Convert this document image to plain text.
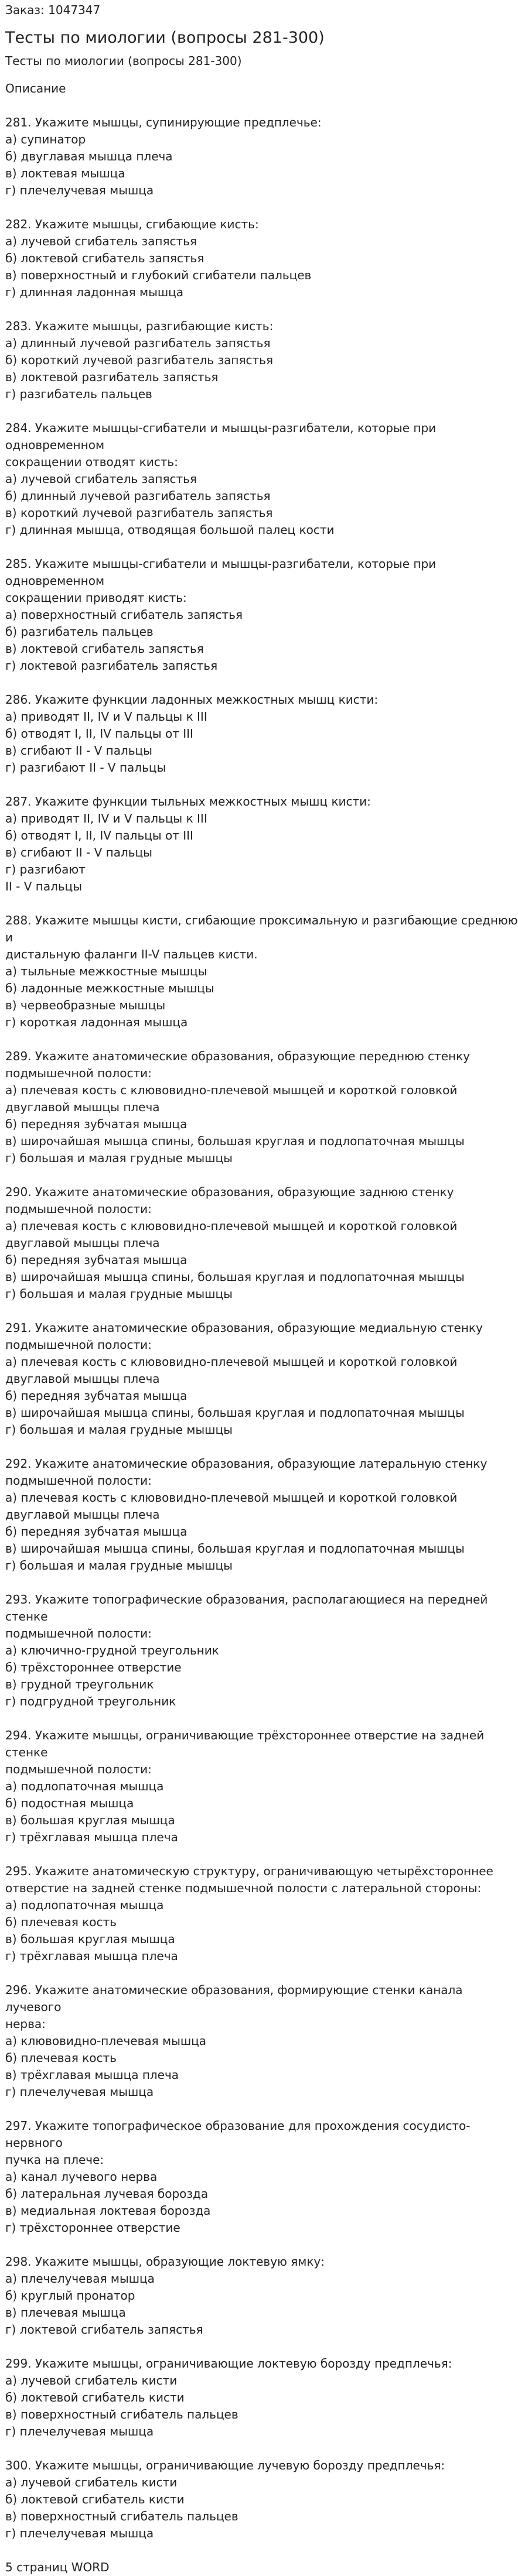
Заказ: 1047347
Тесты по миологии (вопросы 281-300)
Тесты по миологии (вопросы 281-300)
Описание
281. Укажите мышцы, супинирующие предплечье:
а) супинатор
б) двуглавая мышца плеча
в) локтевая мышца
г) плечелучевая мышца
282. Укажите мышцы, сгибающие кисть:
а) лучевой сгибатель запястья
б) локтевой сгибатель запястья
в) поверхностный и глубокий сгибатели пальцев
г) длинная ладонная мышца
283. Укажите мышцы, разгибающие кисть:
а) длинный лучевой разгибатель запястья
б) короткий лучевой разгибатель запястья
в) локтевой разгибатель запястья
г) разгибатель пальцев
284. Укажите мышцы-сгибатели и мышцы-разгибатели, которые при
одновременном
сокращении отводят кисть:
а) лучевой сгибатель запястья
б) длинный лучевой разгибатель запястья
в) короткий лучевой разгибатель запястья
г) длинная мышца, отводящая большой палец кости
285. Укажите мышцы-сгибатели и мышцы-разгибатели, которые при
одновременном
сокращении приводят кисть:
а) поверхностный сгибатель запястья
б) разгибатель пальцев
в) локтевой сгибатель запястья
г) локтевой разгибатель запястья
286. Укажите функции ладонных межкостных мышц кисти:
а) приводят II, IV и V пальцы к III
б) отводят I, II, IV пальцы от III
в) сгибают II - V пальцы
г) разгибают II - V пальцы
287. Укажите функции тыльных межкостных мышц кисти:
а) приводят II, IV и V пальцы к III
б) отводят I, II, IV пальцы от III
в) сгибают II - V пальцы
г) разгибают
II - V пальцы
288. Укажите мышцы кисти, сгибающие проксимальную и разгибающие среднюю
и
дистальную фаланги II-V пальцев кисти.
а) тыльные межкостные мышцы
б) ладонные межкостные мышцы
в) червеобразные мышцы
г) короткая ладонная мышца
289. Укажите анатомические образования, образующие переднюю стенку
подмышечной полости:
а) плечевая кость с клювовидно-плечевой мышцей и короткой головкой
двуглавой мышцы плеча
б) передняя зубчатая мышца
в) широчайшая мышца спины, большая круглая и подлопаточная мышцы
г) большая и малая грудные мышцы
290. Укажите анатомические образования, образующие заднюю стенку
подмышечной полости:
а) плечевая кость с клювовидно-плечевой мышцей и короткой головкой
двуглавой мышцы плеча
б) передняя зубчатая мышца
в) широчайшая мышца спины, большая круглая и подлопаточная мышцы
г) большая и малая грудные мышцы
291. Укажите анатомические образования, образующие медиальную стенку
подмышечной полости:
а) плечевая кость с клювовидно-плечевой мышцей и короткой головкой
двуглавой мышцы плеча
б) передняя зубчатая мышца
в) широчайшая мышца спины, большая круглая и подлопаточная мышцы
г) большая и малая грудные мышцы
292. Укажите анатомические образования, образующие латеральную стенку
подмышечной полости:
а) плечевая кость с клювовидно-плечевой мышцей и короткой головкой
двуглавой мышцы плеча
б) передняя зубчатая мышца
в) широчайшая мышца спины, большая круглая и подлопаточная мышцы
г) большая и малая грудные мышцы
293. Укажите топографические образования, располагающиеся на передней
стенке
подмышечной полости:
а) ключично-грудной треугольник
б) трёхстороннее отверстие
в) грудной треугольник
г) подгрудной треугольник
294. Укажите мышцы, ограничивающие трёхстороннее отверстие на задней
стенке
подмышечной полости:
а) подлопаточная мышца
б) подостная мышца
в) большая круглая мышца
г) трёхглавая мышца плеча
295. Укажите анатомическую структуру, ограничивающую четырёхстороннее
отверстие на задней стенке подмышечной полости с латеральной стороны:
а) подлопаточная мышца
б) плечевая кость
в) большая круглая мышца
г) трёхглавая мышца плеча
296. Укажите анатомические образования, формирующие стенки канала
лучевого
нерва:
а) клювовидно-плечевая мышца
б) плечевая кость
в) трёхглавая мышца плеча
г) плечелучевая мышца
297. Укажите топографическое образование для прохождения сосудисто-
нервного
пучка на плече:
а) канал лучевого нерва
б) латеральная лучевая борозда
в) медиальная локтевая борозда
г) трёхстороннее отверстие
298. Укажите мышцы, образующие локтевую ямку:
а) плечелучевая мышца
б) круглый пронатор
в) плечевая мышца
г) локтевой сгибатель запястья
299. Укажите мышцы, ограничивающие локтевую борозду предплечья:
а) лучевой сгибатель кисти
б) локтевой сгибатель кисти
в) поверхностный сгибатель пальцев
г) плечелучевая мышца
300. Укажите мышцы, ограничивающие лучевую борозду предплечья:
а) лучевой сгибатель кисти
б) локтевой сгибатель кисти
в) поверхностный сгибатель пальцев
г) плечелучевая мышца
5 страниц WORD
